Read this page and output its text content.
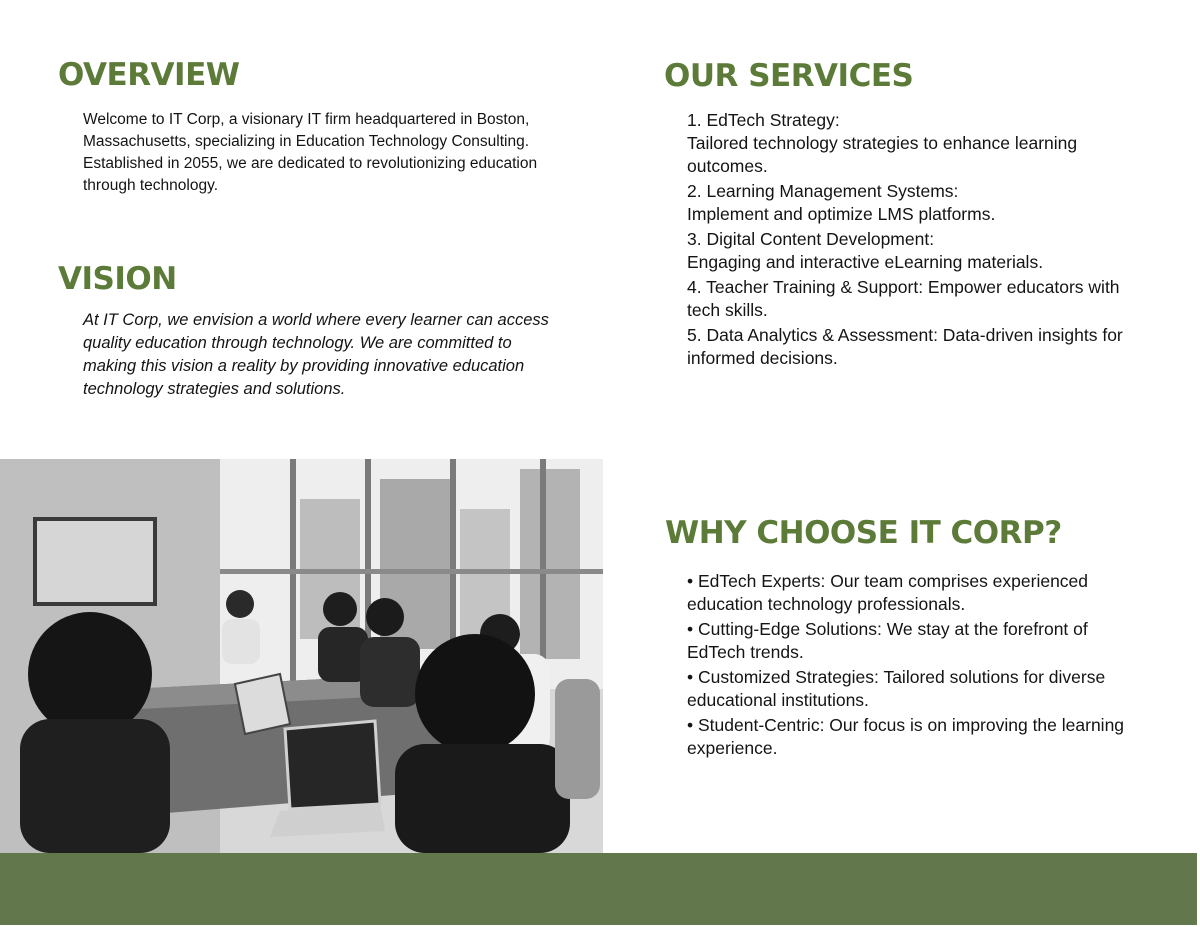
OVERVIEW

Welcome to IT Corp, a visionary IT firm headquartered in Boston, Massachusetts, specializing in Education Technology Consulting. Established in 2055, we are dedicated to revolutionizing education through technology.

VISION

At IT Corp, we envision a world where every learner can access quality education through technology. We are committed to making this vision a reality by providing innovative education technology strategies and solutions.

OUR SERVICES
1. EdTech Strategy:
Tailored technology strategies to enhance learning outcomes.
2. Learning Management Systems:
Implement and optimize LMS platforms.
3. Digital Content Development:
Engaging and interactive eLearning materials.
4. Teacher Training & Support: Empower educators with tech skills.
5. Data Analytics & Assessment: Data-driven insights for informed decisions.
WHY CHOOSE IT CORP?
• EdTech Experts: Our team comprises experienced education technology professionals.
• Cutting-Edge Solutions: We stay at the forefront of EdTech trends.
• Customized Strategies: Tailored solutions for diverse educational institutions.
• Student-Centric: Our focus is on improving the learning experience.
